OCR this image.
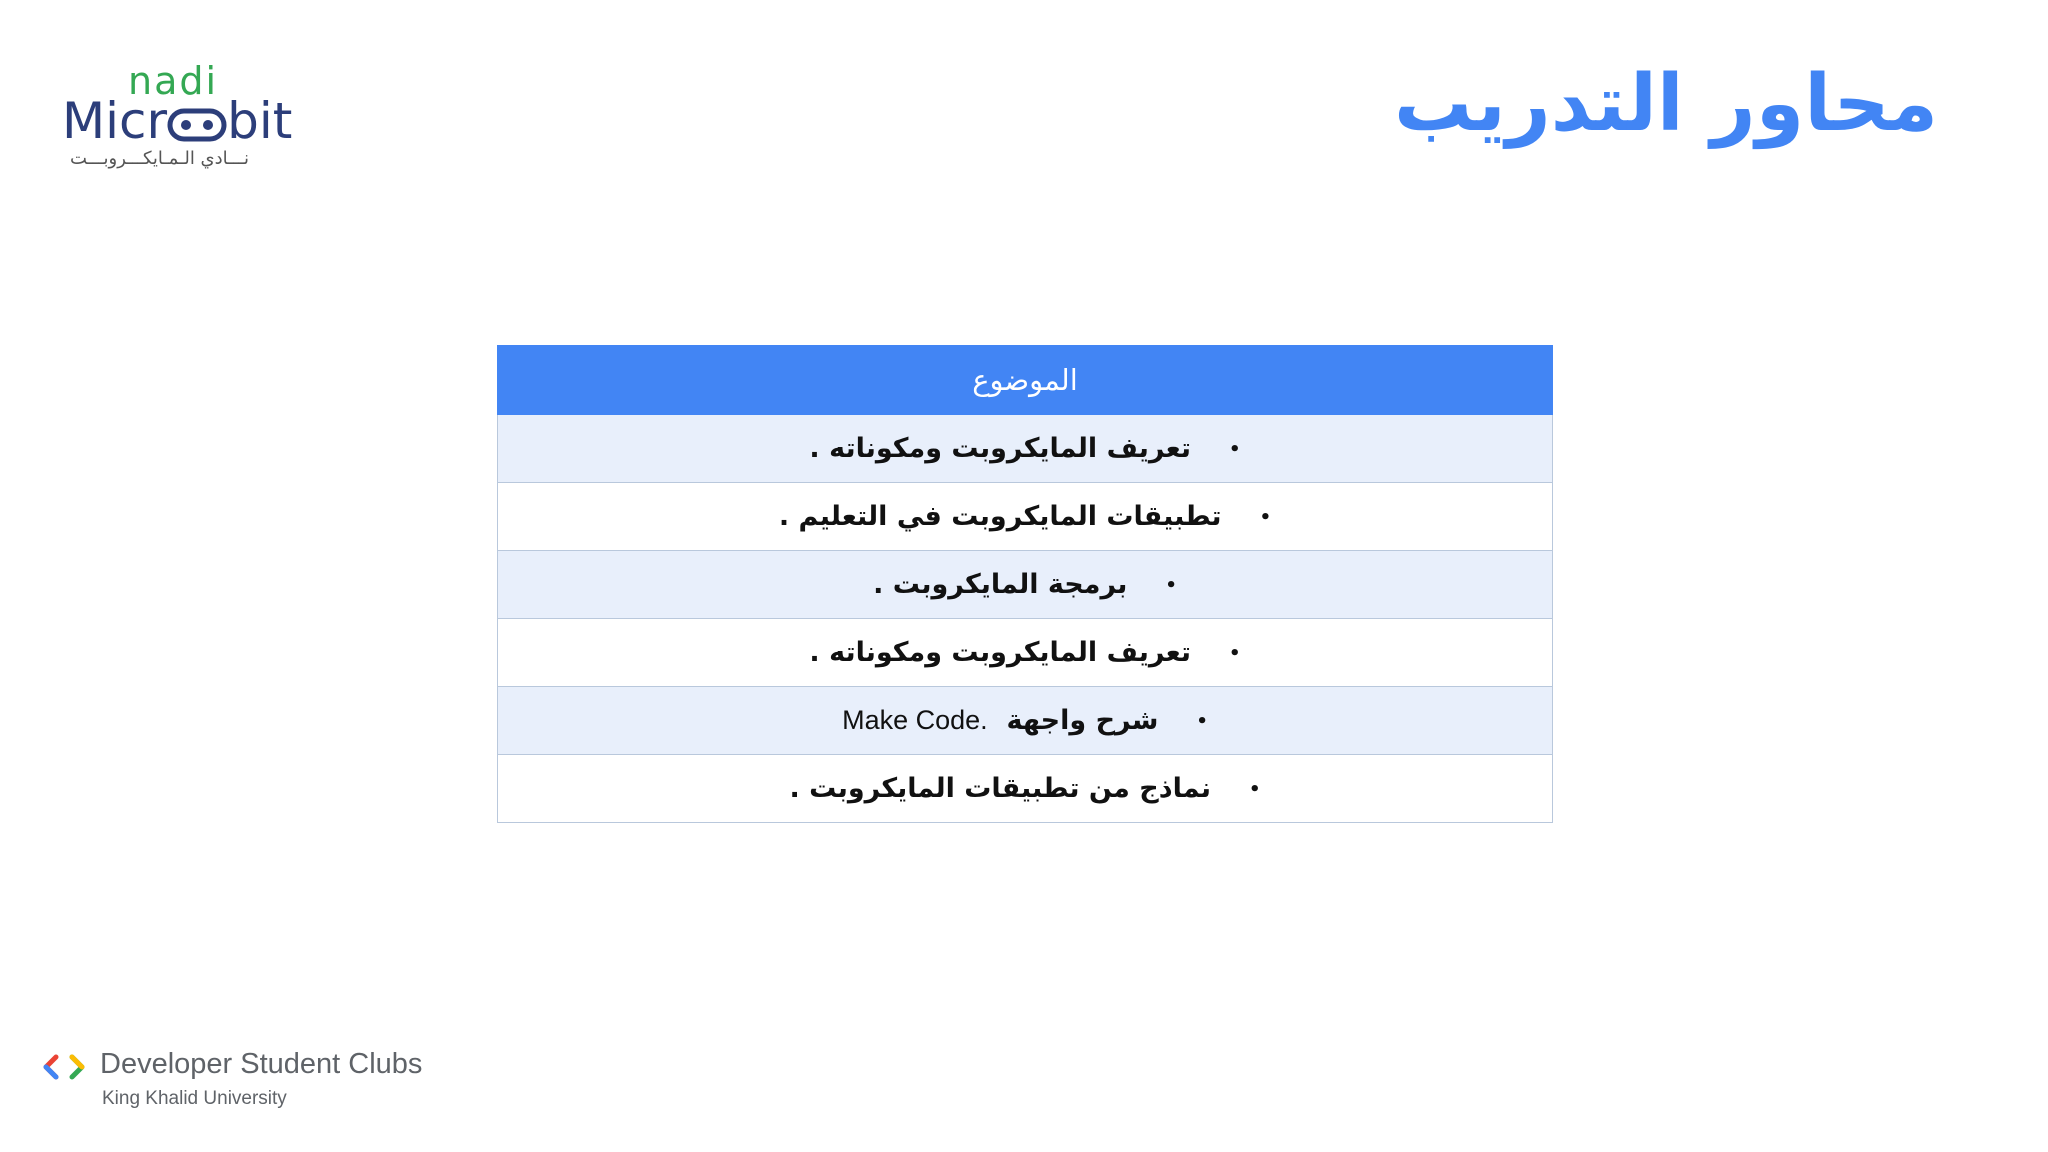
محاور التدريب
nadi
Micr bit
نـــادي الـمـايكـــروبـــت
الموضوع
•تعريف المايكروبت ومكوناته .
•تطبيقات المايكروبت في التعليم .
•برمجة المايكروبت .
•تعريف المايكروبت ومكوناته .
•شرح واجهة  Make Code.
•نماذج من تطبيقات المايكروبت .
Developer Student Clubs
King Khalid University
